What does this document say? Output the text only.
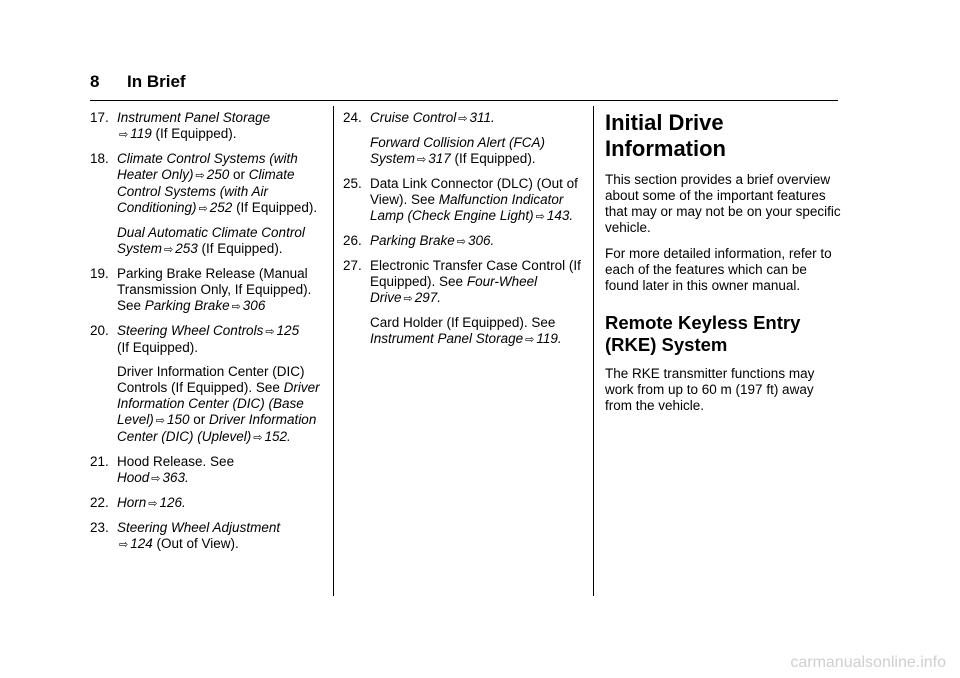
8 In Brief
17. Instrument Panel Storage
⇨ 119 (If Equipped).
18. Climate Control Systems (with Heater Only) ⇨ 250 or Climate Control Systems (with Air Conditioning) ⇨ 252 (If Equipped).
Dual Automatic Climate Control System ⇨ 253 (If Equipped).
19. Parking Brake Release (Manual Transmission Only, If Equipped). See Parking Brake ⇨ 306
20. Steering Wheel Controls ⇨ 125
(If Equipped).
Driver Information Center (DIC) Controls (If Equipped). See Driver Information Center (DIC) (Base Level) ⇨ 150 or Driver Information Center (DIC) (Uplevel) ⇨ 152.
21. Hood Release. See
Hood ⇨ 363.
22. Horn ⇨ 126.
23. Steering Wheel Adjustment
⇨ 124 (Out of View).
24. Cruise Control ⇨ 311.
Forward Collision Alert (FCA) System ⇨ 317 (If Equipped).
25. Data Link Connector (DLC) (Out of View). See Malfunction Indicator Lamp (Check Engine Light) ⇨ 143.
26. Parking Brake ⇨ 306.
27. Electronic Transfer Case Control (If Equipped). See Four-Wheel Drive ⇨ 297.
Card Holder (If Equipped). See Instrument Panel Storage ⇨ 119.
Initial Drive Information

This section provides a brief overview about some of the important features that may or may not be on your specific vehicle.

For more detailed information, refer to each of the features which can be found later in this owner manual.

Remote Keyless Entry (RKE) System

The RKE transmitter functions may work from up to 60 m (197 ft) away from the vehicle.

carmanualsonline.info
